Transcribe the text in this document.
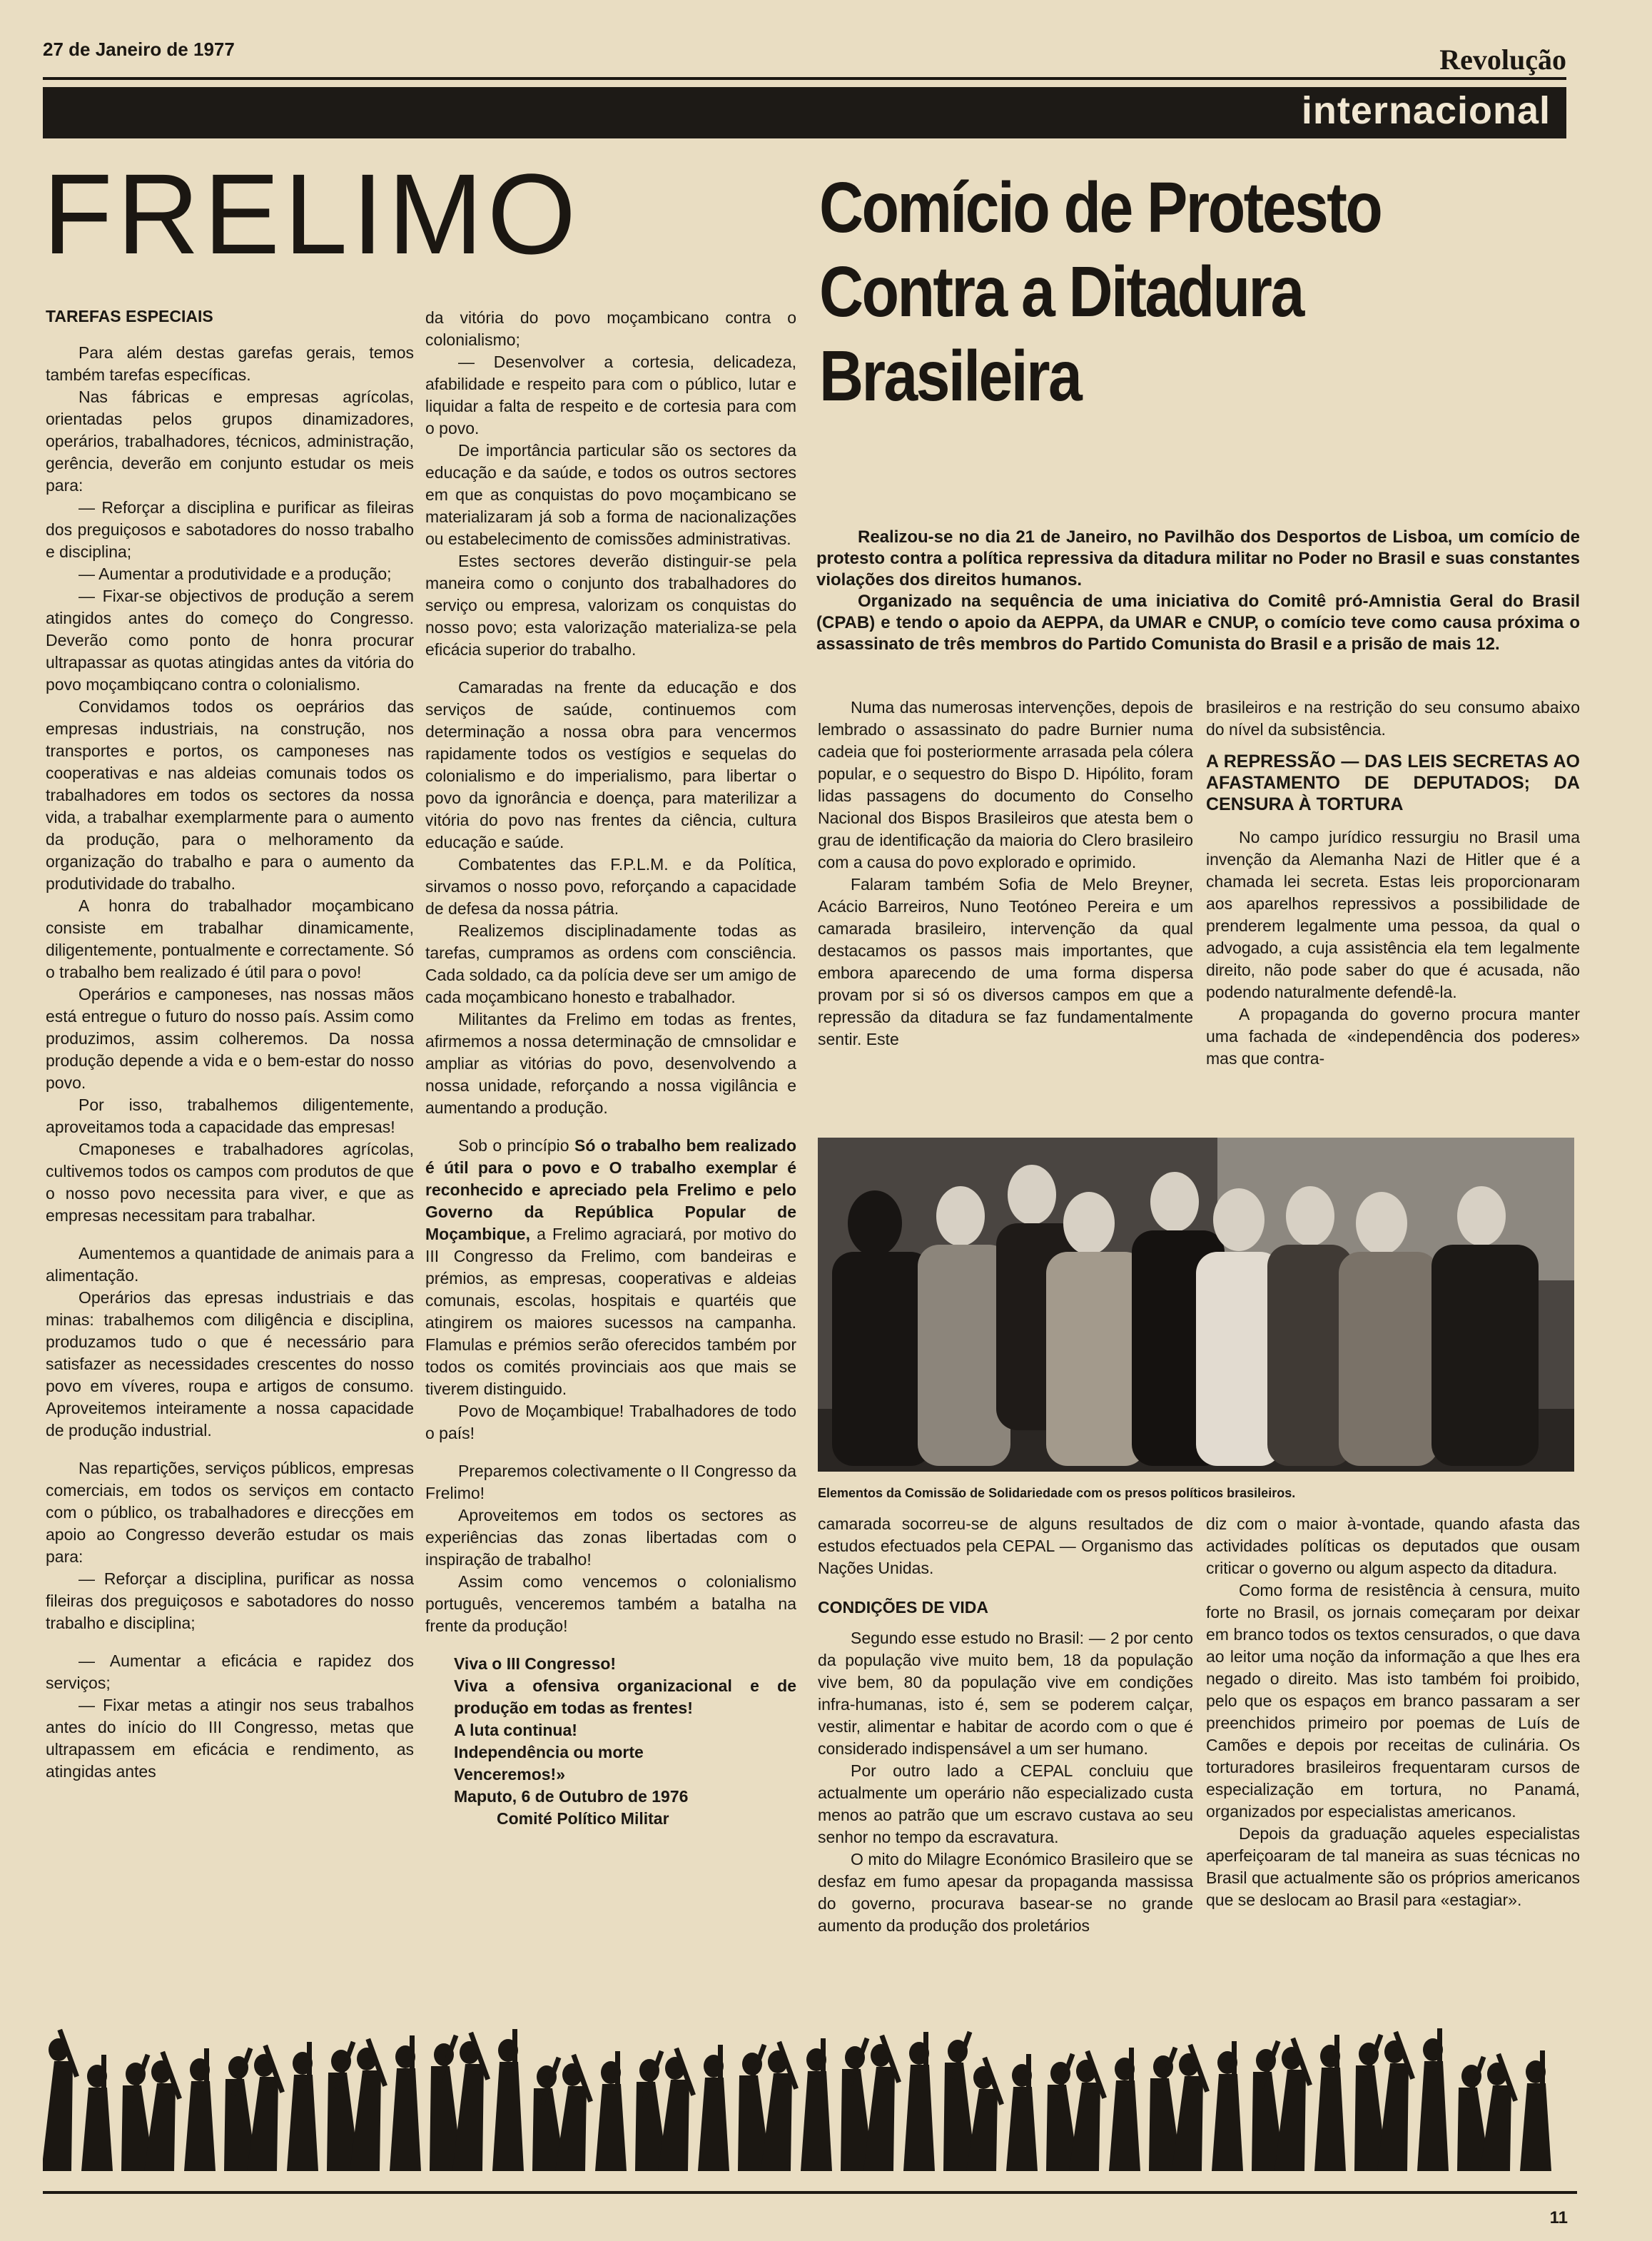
27 de Janeiro de 1977	Revolução
internacional
FRELIMO
TAREFAS ESPECIAIS

Para além destas garefas gerais, temos também tarefas específicas.

Nas fábricas e empresas agrícolas, orientadas pelos grupos dinamizadores, operários, trabalhadores, técnicos, administração, gerência, deverão em conjunto estudar os meis para:

— Reforçar a disciplina e purificar as fileiras dos preguiçosos e sabotadores do nosso trabalho e disciplina;

— Aumentar a produtividade e a produção;

— Fixar-se objectivos de produção a serem atingidos antes do começo do Congresso. Deverão como ponto de honra procurar ultrapassar as quotas atingidas antes da vitória do povo moçambiqcano contra o colonialismo.

Convidamos todos os oeprários das empresas industriais, na construção, nos transportes e portos, os camponeses nas cooperativas e nas aldeias comunais todos os trabalhadores em todos os sectores da nossa vida, a trabalhar exemplarmente para o aumento da produção, para o melhoramento da organização do trabalho e para o aumento da produtividade do trabalho.

A honra do trabalhador moçambicano consiste em trabalhar dinamicamente, diligentemente, pontualmente e correctamente. Só o trabalho bem realizado é útil para o povo!

Operários e camponeses, nas nossas mãos está entregue o futuro do nosso país. Assim como produzimos, assim colheremos. Da nossa produção depende a vida e o bem-estar do nosso povo.

Por isso, trabalhemos diligentemente, aproveitamos toda a capacidade das empresas!

Cmaponeses e trabalhadores agrícolas, cultivemos todos os campos com produtos de que o nosso povo necessita para viver, e que as empresas necessitam para trabalhar.

Aumentemos a quantidade de animais para a alimentação.

Operários das epresas industriais e das minas: trabalhemos com diligência e disciplina, produzamos tudo o que é necessário para satisfazer as necessidades crescentes do nosso povo em víveres, roupa e artigos de consumo. Aproveitemos inteiramente a nossa capacidade de produção industrial.

Nas repartições, serviços públicos, empresas comerciais, em todos os serviços em contacto com o público, os trabalhadores e direcções em apoio ao Congresso deverão estudar os mais para:

— Reforçar a disciplina, purificar as nossa fileiras dos preguiçosos e sabotadores do nosso trabalho e disciplina;

— Aumentar a eficácia e rapidez dos serviços;

— Fixar metas a atingir nos seus trabalhos antes do início do III Congresso, metas que ultrapassem em eficácia e rendimento, as atingidas antes

da vitória do povo moçambicano contra o colonialismo;

— Desenvolver a cortesia, delicadeza, afabilidade e respeito para com o público, lutar e liquidar a falta de respeito e de cortesia para com o povo.

De importância particular são os sectores da educação e da saúde, e todos os outros sectores em que as conquistas do povo moçambicano se materializaram já sob a forma de nacionalizações ou estabelecimento de comissões administrativas.

Estes sectores deverão distinguir-se pela maneira como o conjunto dos trabalhadores do serviço ou empresa, valorizam os conquistas do nosso povo; esta valorização materializa-se pela eficácia superior do trabalho.

Camaradas na frente da educação e dos serviços de saúde, continuemos com determinação a nossa obra para vencermos rapidamente todos os vestígios e sequelas do colonialismo e do imperialismo, para libertar o povo da ignorância e doença, para materilizar a vitória do povo nas frentes da ciência, cultura educação e saúde.

Combatentes das F.P.L.M. e da Política, sirvamos o nosso povo, reforçando a capacidade de defesa da nossa pátria.

Realizemos disciplinadamente todas as tarefas, cumpramos as ordens com consciência. Cada soldado, ca da polícia deve ser um amigo de cada moçambicano honesto e trabalhador.

Militantes da Frelimo em todas as frentes, afirmemos a nossa determinação de cmnsolidar e ampliar as vitórias do povo, desenvolvendo a nossa unidade, reforçando a nossa vigilância e aumentando a produção.

Sob o princípio Só o trabalho bem realizado é útil para o povo e O trabalho exemplar é reconhecido e apreciado pela Frelimo e pelo Governo da República Popular de Moçambique, a Frelimo agraciará, por motivo do III Congresso da Frelimo, com bandeiras e prémios, as empresas, cooperativas e aldeias comunais, escolas, hospitais e quartéis que atingirem os maiores sucessos na campanha. Flamulas e prémios serão oferecidos também por todos os comités provinciais aos que mais se tiverem distinguido.

Povo de Moçambique! Trabalhadores de todo o país!

Preparemos colectivamente o II Congresso da Frelimo!

Aproveitemos em todos os sectores as experiências das zonas libertadas com o inspiração de trabalho!

Assim como vencemos o colonialismo português, venceremos também a batalha na frente da produção!

Viva o III Congresso!

Viva a ofensiva organizacional e de produção em todas as frentes!

A luta continua!

Independência ou morte

Venceremos!»

Maputo, 6 de Outubro de 1976

Comité Político Militar

Comício de Protesto Contra a Ditadura Brasileira

Realizou-se no dia 21 de Janeiro, no Pavilhão dos Desportos de Lisboa, um comício de protesto contra a política repressiva da ditadura militar no Poder no Brasil e suas constantes violações dos direitos humanos.

Organizado na sequência de uma iniciativa do Comitê pró-Amnistia Geral do Brasil (CPAB) e tendo o apoio da AEPPA, da UMAR e CNUP, o comício teve como causa próxima o assassinato de três membros do Partido Comunista do Brasil e a prisão de mais 12.

Numa das numerosas intervenções, depois de lembrado o assassinato do padre Burnier numa cadeia que foi posteriormente arrasada pela cólera popular, e o sequestro do Bispo D. Hipólito, foram lidas passagens do documento do Conselho Nacional dos Bispos Brasileiros que atesta bem o grau de identificação da maioria do Clero brasileiro com a causa do povo explorado e oprimido.

Falaram também Sofia de Melo Breyner, Acácio Barreiros, Nuno Teotóneo Pereira e um camarada brasileiro, intervenção da qual destacamos os passos mais importantes, que embora aparecendo de uma forma dispersa provam por si só os diversos campos em que a repressão da ditadura se faz fundamentalmente sentir. Este

brasileiros e na restrição do seu consumo abaixo do nível da subsistência.

A REPRESSÃO — DAS LEIS SECRETAS AO AFASTAMENTO DE DEPUTADOS; DA CENSURA À TORTURA

No campo jurídico ressurgiu no Brasil uma invenção da Alemanha Nazi de Hitler que é a chamada lei secreta. Estas leis proporcionaram aos aparelhos repressivos a possibilidade de prenderem legalmente uma pessoa, da qual o advogado, a cuja assistência ela tem legalmente direito, não pode saber do que é acusada, não podendo naturalmente defendê-la.

A propaganda do governo procura manter uma fachada de «independência dos poderes» mas que contra-

Elementos da Comissão de Solidariedade com os presos políticos brasileiros.

camarada socorreu-se de alguns resultados de estudos efectuados pela CEPAL — Organismo das Nações Unidas.

CONDIÇÕES DE VIDA

Segundo esse estudo no Brasil: — 2 por cento da população vive muito bem, 18 da população vive bem, 80 da população vive em condições infra-humanas, isto é, sem se poderem calçar, vestir, alimentar e habitar de acordo com o que é considerado indispensável a um ser humano.

Por outro lado a CEPAL concluiu que actualmente um operário não especializado custa menos ao patrão que um escravo custava ao seu senhor no tempo da escravatura.

O mito do Milagre Económico Brasileiro que se desfaz em fumo apesar da propaganda massissa do governo, procurava basear-se no grande aumento da produção dos proletários

diz com o maior à-vontade, quando afasta das actividades políticas os deputados que ousam criticar o governo ou algum aspecto da ditadura.

Como forma de resistência à censura, muito forte no Brasil, os jornais começaram por deixar em branco todos os textos censurados, o que dava ao leitor uma noção da informação a que lhes era negado o direito. Mas isto também foi proibido, pelo que os espaços em branco passaram a ser preenchidos primeiro por poemas de Luís de Camões e depois por receitas de culinária. Os torturadores brasileiros frequentaram cursos de especialização em tortura, no Panamá, organizados por especialistas americanos.

Depois da graduação aqueles especialistas aperfeiçoaram de tal maneira as suas técnicas no Brasil que actualmente são os próprios americanos que se deslocam ao Brasil para «estagiar».

11
